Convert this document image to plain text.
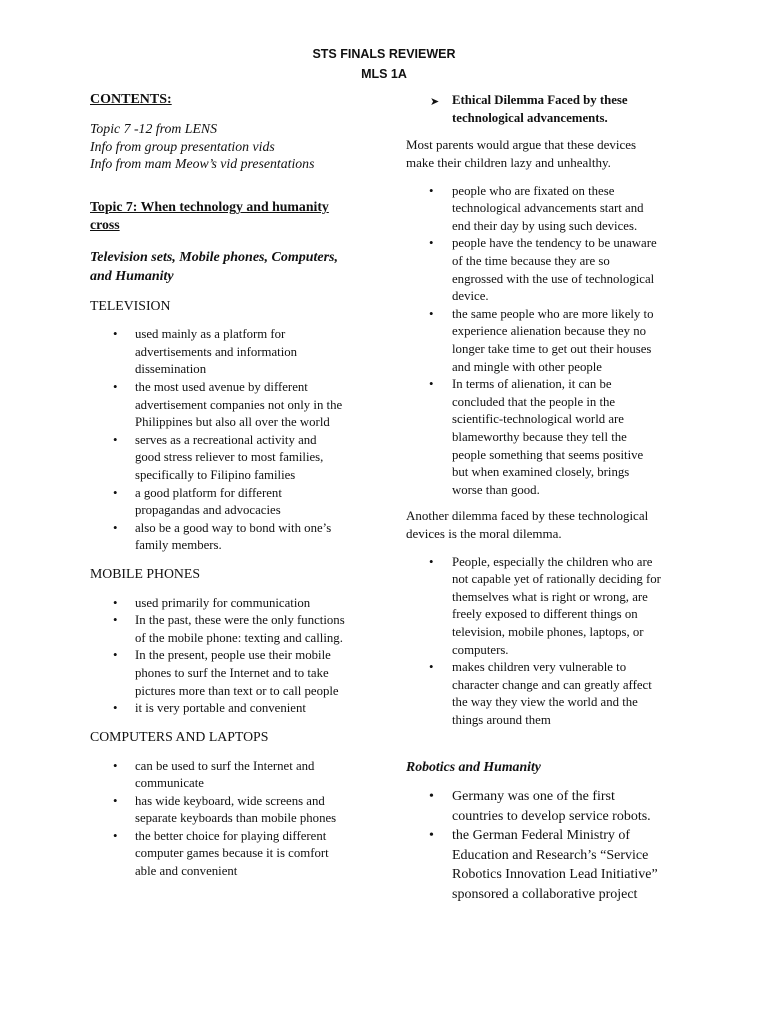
STS FINALS REVIEWER
MLS 1A
CONTENTS:
Topic 7 -12 from LENS
Info from group presentation vids
Info from mam Meow’s vid presentations
Topic 7: When technology and humanity
cross
Television sets, Mobile phones, Computers,
and Humanity
TELEVISION
• used mainly as a platform for
advertisements and information
dissemination
• the most used avenue by different
advertisement companies not only in the
Philippines but also all over the world
• serves as a recreational activity and
good stress reliever to most families,
specifically to Filipino families
• a good platform for different
propagandas and advocacies
• also be a good way to bond with one’s
family members.
MOBILE PHONES
• used primarily for communication
• In the past, these were the only functions
of the mobile phone: texting and calling.
• In the present, people use their mobile
phones to surf the Internet and to take
pictures more than text or to call people
• it is very portable and convenient
COMPUTERS AND LAPTOPS
• can be used to surf the Internet and
communicate
• has wide keyboard, wide screens and
separate keyboards than mobile phones
• the better choice for playing different
computer games because it is comfort
able and convenient
➤ Ethical Dilemma Faced by these
technological advancements.
Most parents would argue that these devices
make their children lazy and unhealthy.
• people who are fixated on these
technological advancements start and
end their day by using such devices.
• people have the tendency to be unaware
of the time because they are so
engrossed with the use of technological
device.
• the same people who are more likely to
experience alienation because they no
longer take time to get out their houses
and mingle with other people
• In terms of alienation, it can be
concluded that the people in the
scientific-technological world are
blameworthy because they tell the
people something that seems positive
but when examined closely, brings
worse than good.
Another dilemma faced by these technological
devices is the moral dilemma.
• People, especially the children who are
not capable yet of rationally deciding for
themselves what is right or wrong, are
freely exposed to different things on
television, mobile phones, laptops, or
computers.
• makes children very vulnerable to
character change and can greatly affect
the way they view the world and the
things around them
Robotics and Humanity
• Germany was one of the first
countries to develop service robots.
• the German Federal Ministry of
Education and Research’s “Service
Robotics Innovation Lead Initiative”
sponsored a collaborative project
